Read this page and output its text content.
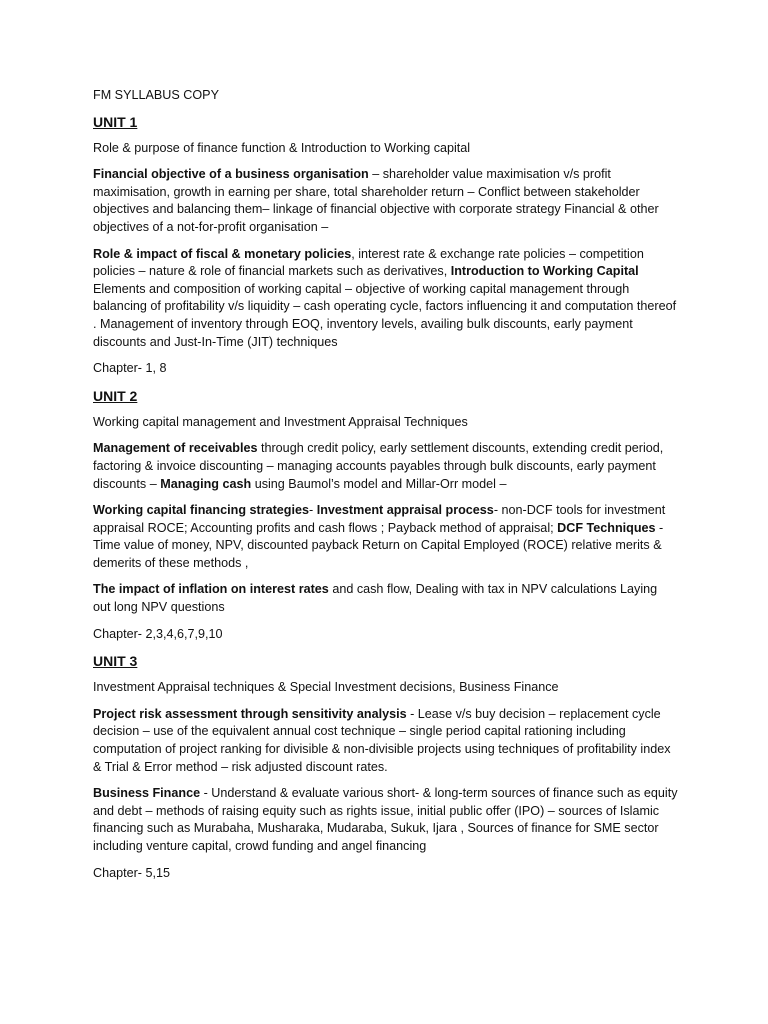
FM SYLLABUS COPY

UNIT 1

Role & purpose of finance function & Introduction to Working capital

Financial objective of a business organisation – shareholder value maximisation v/s profit maximisation, growth in earning per share, total shareholder return – Conflict between stakeholder objectives and balancing them– linkage of financial objective with corporate strategy Financial & other objectives of a not-for-profit organisation –

Role & impact of fiscal & monetary policies, interest rate & exchange rate policies – competition policies – nature & role of financial markets such as derivatives, Introduction to Working Capital Elements and composition of working capital – objective of working capital management through balancing of profitability v/s liquidity – cash operating cycle, factors influencing it and computation thereof . Management of inventory through EOQ, inventory levels, availing bulk discounts, early payment discounts and Just-In-Time (JIT) techniques

Chapter- 1, 8

UNIT 2

Working capital management and Investment Appraisal Techniques

Management of receivables through credit policy, early settlement discounts, extending credit period, factoring & invoice discounting – managing accounts payables through bulk discounts, early payment discounts – Managing cash using Baumol’s model and Millar-Orr model –

Working capital financing strategies- Investment appraisal process- non-DCF tools for investment appraisal ROCE; Accounting profits and cash flows ; Payback method of appraisal; DCF Techniques - Time value of money, NPV, discounted payback Return on Capital Employed (ROCE) relative merits & demerits of these methods ,

The impact of inflation on interest rates and cash flow, Dealing with tax in NPV calculations Laying out long NPV questions

Chapter- 2,3,4,6,7,9,10

UNIT 3

Investment Appraisal techniques & Special Investment decisions, Business Finance

Project risk assessment through sensitivity analysis - Lease v/s buy decision – replacement cycle decision – use of the equivalent annual cost technique – single period capital rationing including computation of project ranking for divisible & non-divisible projects using techniques of profitability index & Trial & Error method – risk adjusted discount rates.

Business Finance - Understand & evaluate various short- & long-term sources of finance such as equity and debt – methods of raising equity such as rights issue, initial public offer (IPO) – sources of Islamic financing such as Murabaha, Musharaka, Mudaraba, Sukuk, Ijara , Sources of finance for SME sector including venture capital, crowd funding and angel financing

Chapter- 5,15
